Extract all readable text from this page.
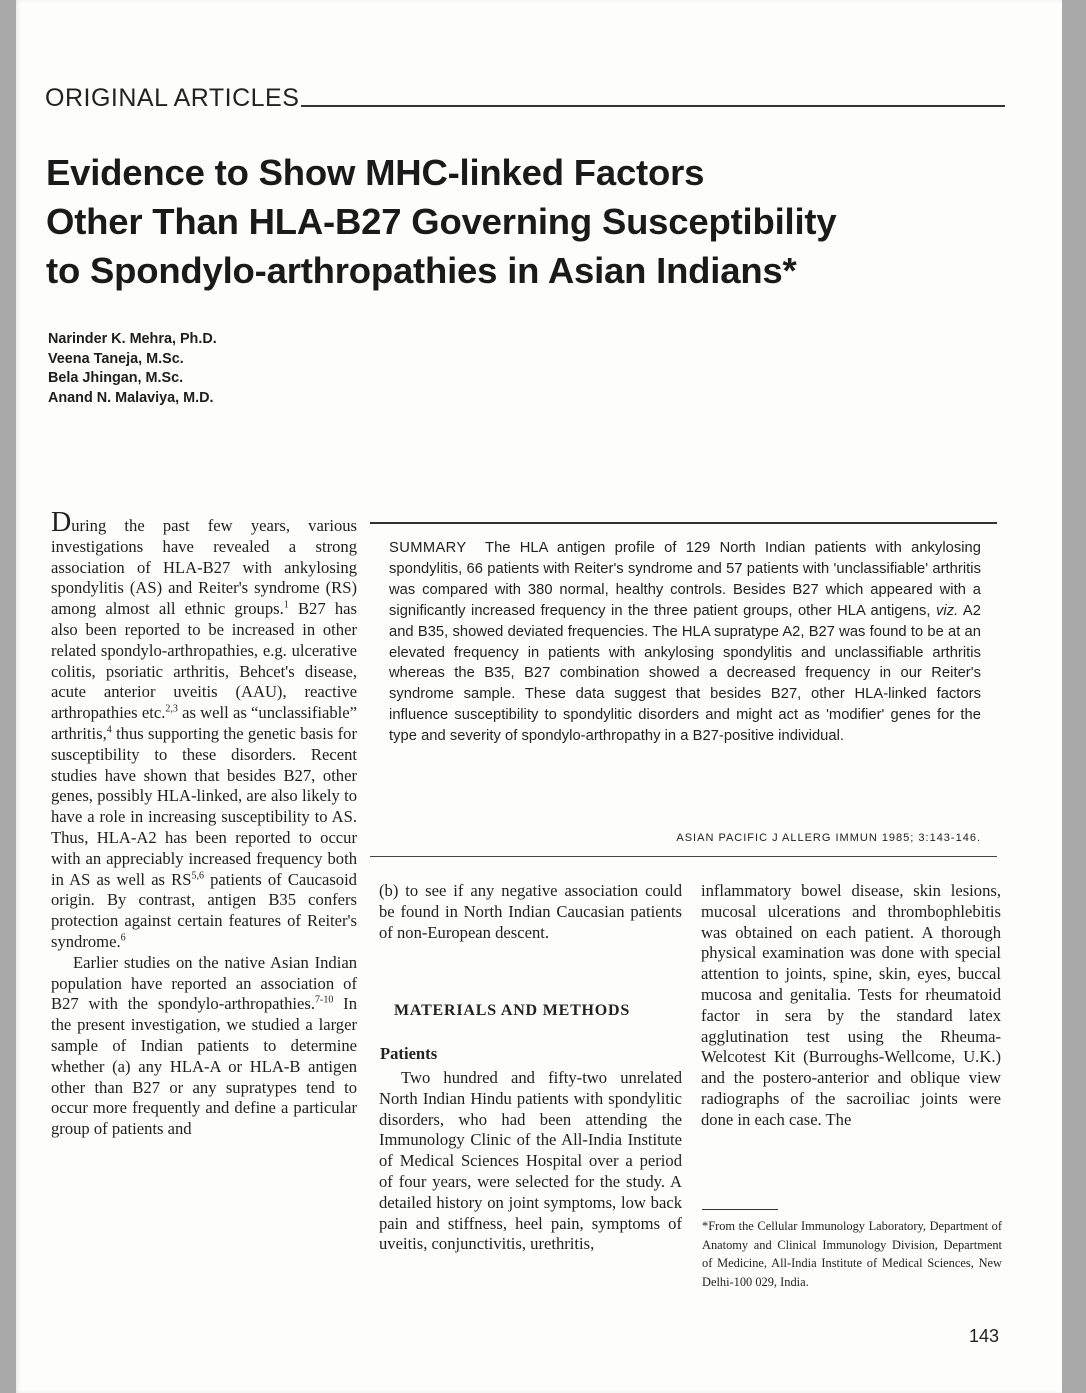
ORIGINAL ARTICLES
Evidence to Show MHC-linked Factors
Other Than HLA-B27 Governing Susceptibility
to Spondylo-arthropathies in Asian Indians*
Narinder K. Mehra, Ph.D.
Veena Taneja, M.Sc.
Bela Jhingan, M.Sc.
Anand N. Malaviya, M.D.

During the past few years, various investigations have revealed a strong association of HLA-B27 with ankylosing spondylitis (AS) and Reiter's syndrome (RS) among almost all ethnic groups.$^1$ B27 has also been reported to be increased in other related spondylo-arthropathies, e.g. ulcerative colitis, psoriatic arthritis, Behcet's disease, acute anterior uveitis (AAU), reactive arthropathies etc.$^{2,3}$ as well as “unclassifiable” arthritis,$^4$ thus supporting the genetic basis for susceptibility to these disorders. Recent studies have shown that besides B27, other genes, possibly HLA-linked, are also likely to have a role in increasing susceptibility to AS. Thus, HLA-A2 has been reported to occur with an appreciably increased frequency both in AS as well as RS$^{5,6}$ patients of Caucasoid origin. By contrast, antigen B35 confers protection against certain features of Reiter's syndrome.$^6$

Earlier studies on the native Asian Indian population have reported an association of B27 with the spondylo-arthropathies.$^{7-10}$ In the present investigation, we studied a larger sample of Indian patients to determine whether (a) any HLA-A or HLA-B antigen other than B27 or any supratypes tend to occur more frequently and define a particular group of patients and

SUMMARY The HLA antigen profile of 129 North Indian patients with ankylosing spondylitis, 66 patients with Reiter's syndrome and 57 patients with 'unclassifiable' arthritis was compared with 380 normal, healthy controls. Besides B27 which appeared with a significantly increased frequency in the three patient groups, other HLA antigens, viz. A2 and B35, showed deviated frequencies. The HLA supratype A2, B27 was found to be at an elevated frequency in patients with ankylosing spondylitis and unclassifiable arthritis whereas the B35, B27 combination showed a decreased frequency in our Reiter's syndrome sample. These data suggest that besides B27, other HLA-linked factors influence susceptibility to spondylitic disorders and might act as 'modifier' genes for the type and severity of spondylo-arthropathy in a B27-positive individual.
ASIAN PACIFIC J ALLERG IMMUN 1985; 3:143-146.

(b) to see if any negative association could be found in North Indian Caucasian patients of non-European descent.

MATERIALS AND METHODS
Patients

Two hundred and fifty-two unrelated North Indian Hindu patients with spondylitic disorders, who had been attending the Immunology Clinic of the All-India Institute of Medical Sciences Hospital over a period of four years, were selected for the study. A detailed history on joint symptoms, low back pain and stiffness, heel pain, symptoms of uveitis, conjunctivitis, urethritis,

inflammatory bowel disease, skin lesions, mucosal ulcerations and thrombophlebitis was obtained on each patient. A thorough physical examination was done with special attention to joints, spine, skin, eyes, buccal mucosa and genitalia. Tests for rheumatoid factor in sera by the standard latex agglutination test using the Rheuma-Welcotest Kit (Burroughs-Wellcome, U.K.) and the postero-anterior and oblique view radiographs of the sacroiliac joints were done in each case. The

*From the Cellular Immunology Laboratory, Department of Anatomy and Clinical Immunology Division, Department of Medicine, All-India Institute of Medical Sciences, New Delhi-100 029, India.
143
